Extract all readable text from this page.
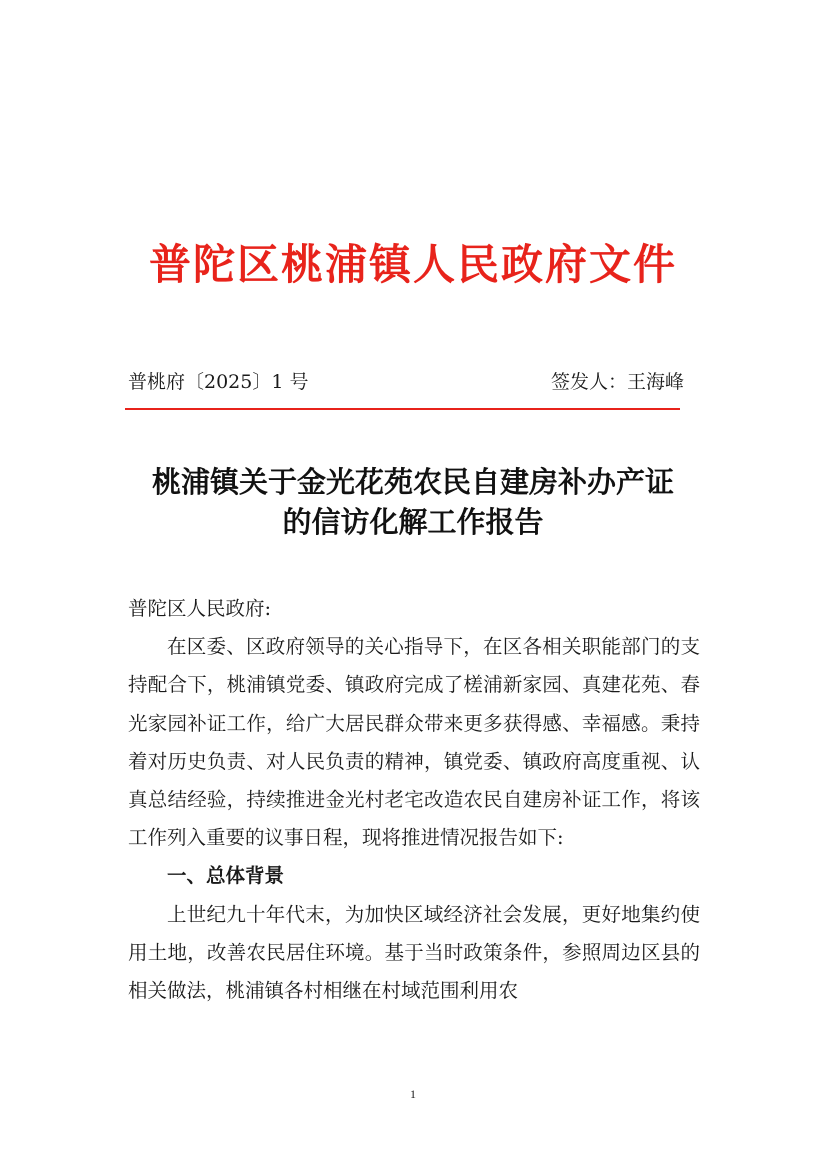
普陀区桃浦镇人民政府文件
普桃府〔2025〕1 号	签发人：王海峰
桃浦镇关于金光花苑农民自建房补办产证
的信访化解工作报告

普陀区人民政府:

在区委、区政府领导的关心指导下，在区各相关职能部门的支持配合下，桃浦镇党委、镇政府完成了槎浦新家园、真建花苑、春光家园补证工作，给广大居民群众带来更多获得感、幸福感。秉持着对历史负责、对人民负责的精神，镇党委、镇政府高度重视、认真总结经验，持续推进金光村老宅改造农民自建房补证工作，将该工作列入重要的议事日程，现将推进情况报告如下:

一、总体背景

上世纪九十年代末，为加快区域经济社会发展，更好地集约使用土地，改善农民居住环境。基于当时政策条件，参照周边区县的相关做法，桃浦镇各村相继在村域范围利用农

1
